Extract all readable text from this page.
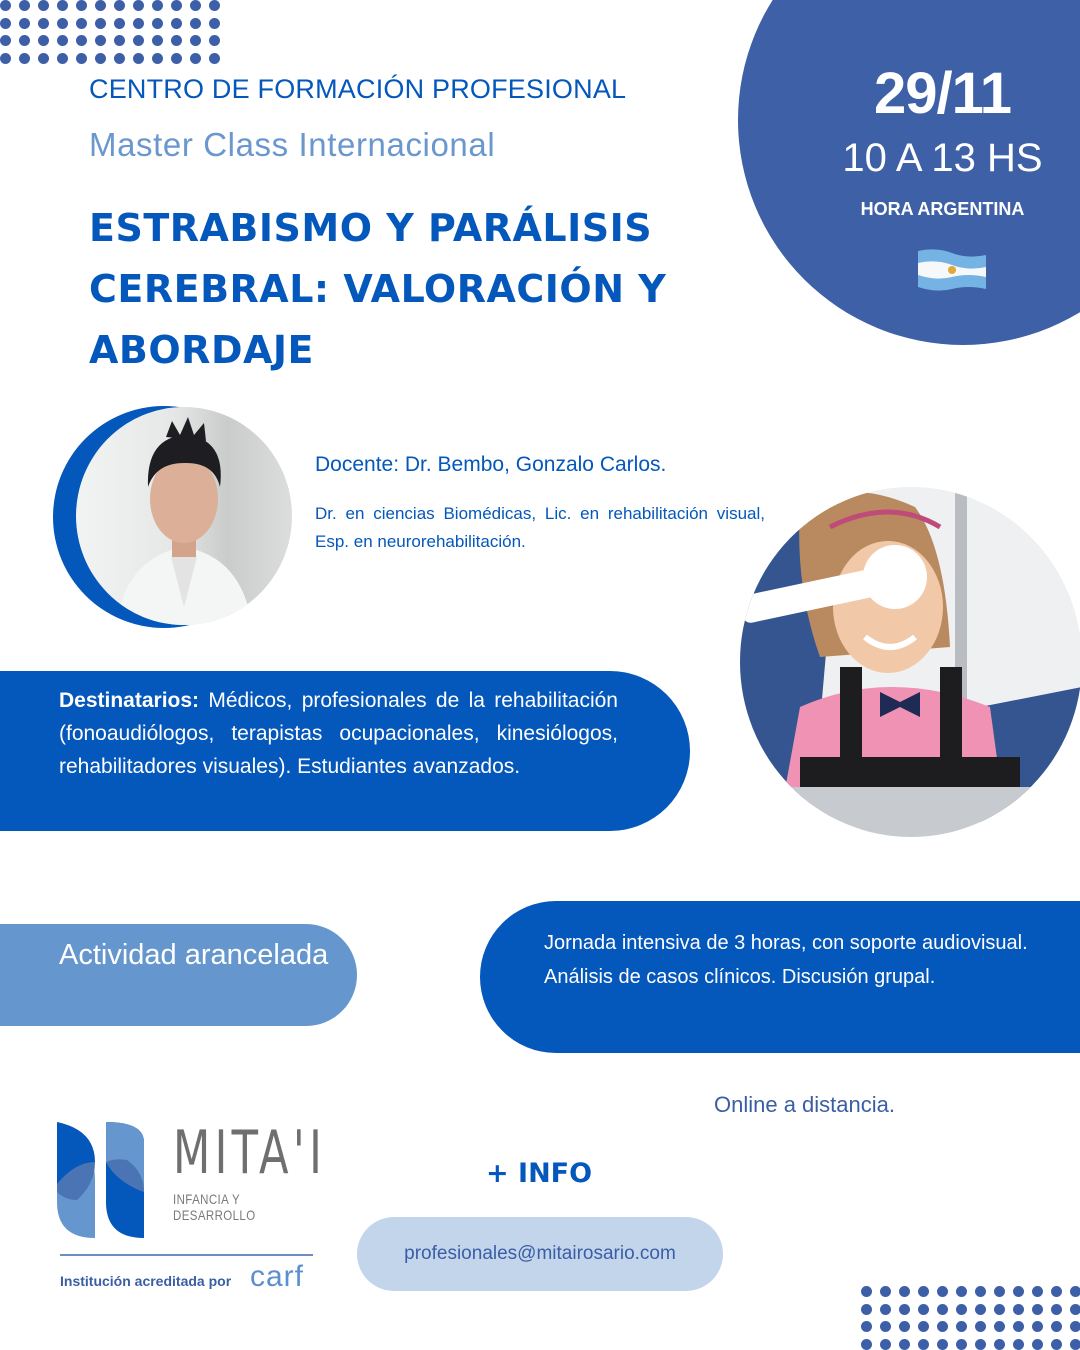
CENTRO DE FORMACIÓN PROFESIONAL
Master Class Internacional
ESTRABISMO Y PARÁLISIS CEREBRAL: VALORACIÓN Y ABORDAJE
29/11
10 A 13 HS
HORA ARGENTINA
Docente: Dr. Bembo, Gonzalo Carlos.
Dr. en ciencias Biomédicas, Lic. en rehabilitación visual, Esp. en neurorehabilitación.
Destinatarios: Médicos, profesionales de la rehabilitación (fonoaudiólogos, terapistas ocupacionales, kinesiólogos, rehabilitadores visuales). Estudiantes avanzados.
Actividad arancelada	Jornada intensiva de 3 horas, con soporte audiovisual. Análisis de casos clínicos. Discusión grupal.
Online a distancia.
+ INFO
profesionales@mitairosario.com
MITA'I
INFANCIA Y
DESARROLLO
Institución acreditada por carf
